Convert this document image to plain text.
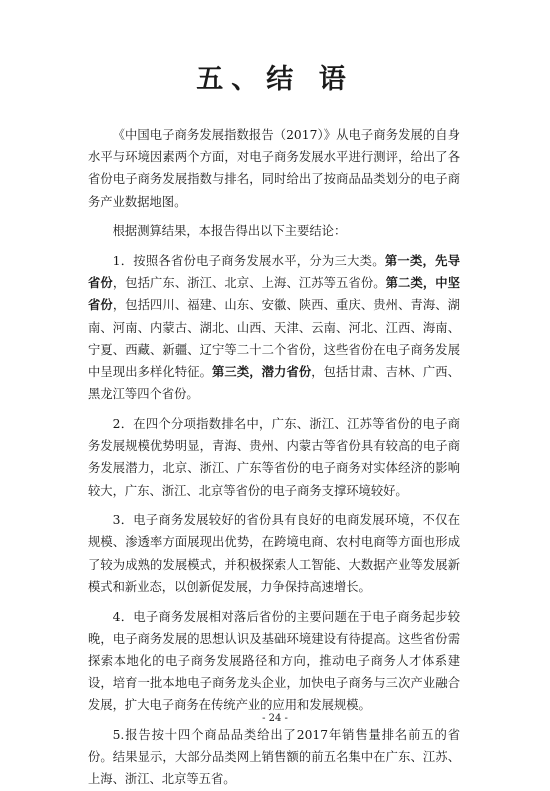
五、结 语

《中国电子商务发展指数报告（2017）》从电子商务发展的自身水平与环境因素两个方面，对电子商务发展水平进行测评，给出了各省份电子商务发展指数与排名，同时给出了按商品品类划分的电子商务产业数据地图。

根据测算结果，本报告得出以下主要结论：

1．按照各省份电子商务发展水平，分为三大类。第一类，先导省份，包括广东、浙江、北京、上海、江苏等五省份。第二类，中坚省份，包括四川、福建、山东、安徽、陕西、重庆、贵州、青海、湖南、河南、内蒙古、湖北、山西、天津、云南、河北、江西、海南、宁夏、西藏、新疆、辽宁等二十二个省份，这些省份在电子商务发展中呈现出多样化特征。第三类，潜力省份，包括甘肃、吉林、广西、黑龙江等四个省份。

2．在四个分项指数排名中，广东、浙江、江苏等省份的电子商务发展规模优势明显，青海、贵州、内蒙古等省份具有较高的电子商务发展潜力，北京、浙江、广东等省份的电子商务对实体经济的影响较大，广东、浙江、北京等省份的电子商务支撑环境较好。

3．电子商务发展较好的省份具有良好的电商发展环境，不仅在规模、渗透率方面展现出优势，在跨境电商、农村电商等方面也形成了较为成熟的发展模式，并积极探索人工智能、大数据产业等发展新模式和新业态，以创新促发展，力争保持高速增长。

4．电子商务发展相对落后省份的主要问题在于电子商务起步较晚，电子商务发展的思想认识及基础环境建设有待提高。这些省份需探索本地化的电子商务发展路径和方向，推动电子商务人才体系建设，培育一批本地电子商务龙头企业，加快电子商务与三次产业融合发展，扩大电子商务在传统产业的应用和发展规模。

5.报告按十四个商品品类给出了2017年销售量排名前五的省份。结果显示，大部分品类网上销售额的前五名集中在广东、江苏、上海、浙江、北京等五省。

- 24 -
